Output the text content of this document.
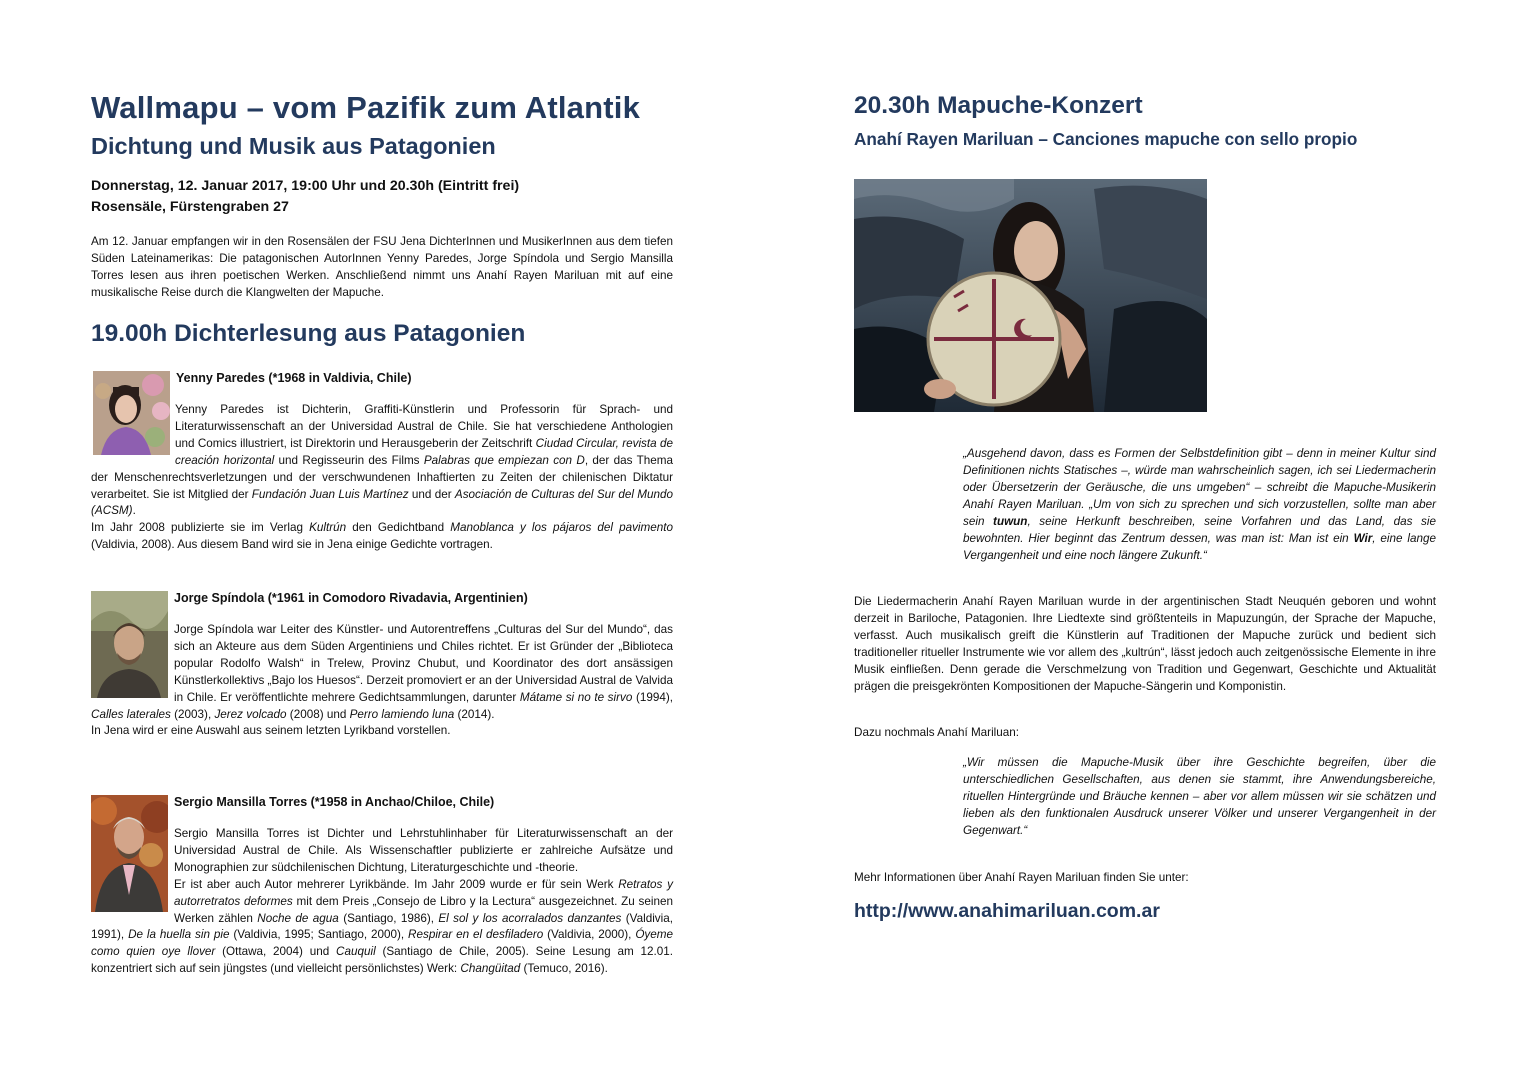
Wallmapu – vom Pazifik zum Atlantik
Dichtung und Musik aus Patagonien
Donnerstag, 12. Januar 2017, 19:00 Uhr und 20.30h (Eintritt frei)
Rosensäle, Fürstengraben 27
Am 12. Januar empfangen wir in den Rosensälen der FSU Jena DichterInnen und MusikerInnen aus dem tiefen Süden Lateinamerikas: Die patagonischen AutorInnen Yenny Paredes, Jorge Spíndola und Sergio Mansilla Torres lesen aus ihren poetischen Werken. Anschließend nimmt uns Anahí Rayen Mariluan mit auf eine musikalische Reise durch die Klangwelten der Mapuche.
19.00h Dichterlesung aus Patagonien
Yenny Paredes (*1968 in Valdivia, Chile)
Yenny Paredes ist Dichterin, Graffiti-Künstlerin und Professorin für Sprach- und Literaturwissenschaft an der Universidad Austral de Chile. Sie hat verschiedene Anthologien und Comics illustriert, ist Direktorin und Herausgeberin der Zeitschrift Ciudad Circular, revista de creación horizontal und Regisseurin des Films Palabras que empiezan con D, der das Thema der Menschenrechtsverletzungen und der verschwundenen Inhaftierten zu Zeiten der chilenischen Diktatur verarbeitet. Sie ist Mitglied der Fundación Juan Luis Martínez und der Asociación de Culturas del Sur del Mundo (ACSM).
Im Jahr 2008 publizierte sie im Verlag Kultrún den Gedichtband Manoblanca y los pájaros del pavimento (Valdivia, 2008). Aus diesem Band wird sie in Jena einige Gedichte vortragen.
Jorge Spíndola (*1961 in Comodoro Rivadavia, Argentinien)
Jorge Spíndola war Leiter des Künstler- und Autorentreffens „Culturas del Sur del Mundo“, das sich an Akteure aus dem Süden Argentiniens und Chiles richtet. Er ist Gründer der „Biblioteca popular Rodolfo Walsh“ in Trelew, Provinz Chubut, und Koordinator des dort ansässigen Künstlerkollektivs „Bajo los Huesos“. Derzeit promoviert er an der Universidad Austral de Valvida in Chile. Er veröffentlichte mehrere Gedichtsammlungen, darunter Mátame si no te sirvo (1994), Calles laterales (2003), Jerez volcado (2008) und Perro lamiendo luna (2014).
In Jena wird er eine Auswahl aus seinem letzten Lyrikband vorstellen.
Sergio Mansilla Torres (*1958 in Anchao/Chiloe, Chile)
Sergio Mansilla Torres ist Dichter und Lehrstuhlinhaber für Literaturwissenschaft an der Universidad Austral de Chile. Als Wissenschaftler publizierte er zahlreiche Aufsätze und Monographien zur südchilenischen Dichtung, Literaturgeschichte und -theorie.
Er ist aber auch Autor mehrerer Lyrikbände. Im Jahr 2009 wurde er für sein Werk Retratos y autorretratos deformes mit dem Preis „Consejo de Libro y la Lectura“ ausgezeichnet. Zu seinen Werken zählen Noche de agua (Santiago, 1986), El sol y los acorralados danzantes (Valdivia, 1991), De la huella sin pie (Valdivia, 1995; Santiago, 2000), Respirar en el desfiladero (Valdivia, 2000), Óyeme como quien oye llover (Ottawa, 2004) und Cauquil (Santiago de Chile, 2005). Seine Lesung am 12.01. konzentriert sich auf sein jüngstes (und vielleicht persönlichstes) Werk: Changüitad (Temuco, 2016).
20.30h Mapuche-Konzert
Anahí Rayen Mariluan – Canciones mapuche con sello propio
„Ausgehend davon, dass es Formen der Selbstdefinition gibt – denn in meiner Kultur sind Definitionen nichts Statisches –, würde man wahrscheinlich sagen, ich sei Liedermacherin oder Übersetzerin der Geräusche, die uns umgeben“ – schreibt die Mapuche-Musikerin Anahí Rayen Mariluan. „Um von sich zu sprechen und sich vorzustellen, sollte man aber sein tuwun, seine Herkunft beschreiben, seine Vorfahren und das Land, das sie bewohnten. Hier beginnt das Zentrum dessen, was man ist: Man ist ein Wir, eine lange Vergangenheit und eine noch längere Zukunft.“
Die Liedermacherin Anahí Rayen Mariluan wurde in der argentinischen Stadt Neuquén geboren und wohnt derzeit in Bariloche, Patagonien. Ihre Liedtexte sind größtenteils in Mapuzungún, der Sprache der Mapuche, verfasst. Auch musikalisch greift die Künstlerin auf Traditionen der Mapuche zurück und bedient sich traditioneller ritueller Instrumente wie vor allem des „kultrún“, lässt jedoch auch zeitgenössische Elemente in ihre Musik einfließen. Denn gerade die Verschmelzung von Tradition und Gegenwart, Geschichte und Aktualität prägen die preisgekrönten Kompositionen der Mapuche-Sängerin und Komponistin.
Dazu nochmals Anahí Mariluan:
„Wir müssen die Mapuche-Musik über ihre Geschichte begreifen, über die unterschiedlichen Gesellschaften, aus denen sie stammt, ihre Anwendungsbereiche, rituellen Hintergründe und Bräuche kennen – aber vor allem müssen wir sie schätzen und lieben als den funktionalen Ausdruck unserer Völker und unserer Vergangenheit in der Gegenwart.“
Mehr Informationen über Anahí Rayen Mariluan finden Sie unter:
http://www.anahimariluan.com.ar
